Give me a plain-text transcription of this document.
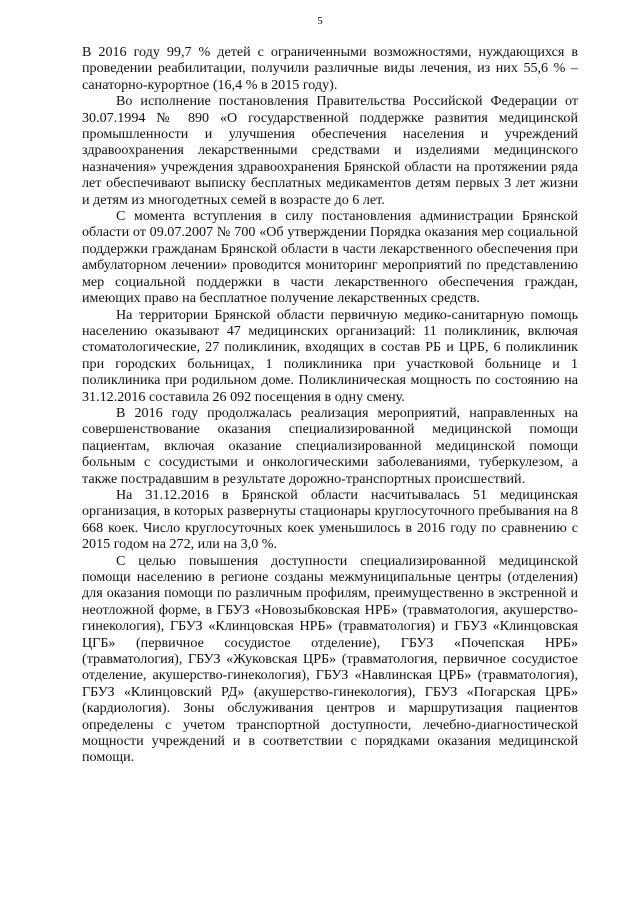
5

В 2016 году 99,7 % детей с ограниченными возможностями, нуждающихся в проведении реабилитации, получили различные виды лечения, из них 55,6 % – санаторно-курортное (16,4 % в 2015 году).

Во исполнение постановления Правительства Российской Федерации от 30.07.1994 № 890 «О государственной поддержке развития медицинской промышленности и улучшения обеспечения населения и учреждений здравоохранения лекарственными средствами и изделиями медицинского назначения» учреждения здравоохранения Брянской области на протяжении ряда лет обеспечивают выписку бесплатных медикаментов детям первых 3 лет жизни и детям из многодетных семей в возрасте до 6 лет.

С момента вступления в силу постановления администрации Брянской области от 09.07.2007 № 700 «Об утверждении Порядка оказания мер социальной поддержки гражданам Брянской области в части лекарственного обеспечения при амбулаторном лечении» проводится мониторинг мероприятий по представлению мер социальной поддержки в части лекарственного обеспечения граждан, имеющих право на бесплатное получение лекарственных средств.

На территории Брянской области первичную медико-санитарную помощь населению оказывают 47 медицинских организаций: 11 поликлиник, включая стоматологические, 27 поликлиник, входящих в состав РБ и ЦРБ, 6 поликлиник при городских больницах, 1 поликлиника при участковой больнице и 1 поликлиника при родильном доме. Поликлиническая мощность по состоянию на 31.12.2016 составила 26 092 посещения в одну смену.

В 2016 году продолжалась реализация мероприятий, направленных на совершенствование оказания специализированной медицинской помощи пациентам, включая оказание специализированной медицинской помощи больным с сосудистыми и онкологическими заболеваниями, туберкулезом, а также пострадавшим в результате дорожно-транспортных происшествий.

На 31.12.2016 в Брянской области насчитывалась 51 медицинская организация, в которых развернуты стационары круглосуточного пребывания на 8 668 коек. Число круглосуточных коек уменьшилось в 2016 году по сравнению с 2015 годом на 272, или на 3,0 %.

С целью повышения доступности специализированной медицинской помощи населению в регионе созданы межмуниципальные центры (отделения) для оказания помощи по различным профилям, преимущественно в экстренной и неотложной форме, в ГБУЗ «Новозыбковская НРБ» (травматология, акушерство-гинекология), ГБУЗ «Клинцовская НРБ» (травматология) и ГБУЗ «Клинцовская ЦГБ» (первичное сосудистое отделение), ГБУЗ «Почепская НРБ» (травматология), ГБУЗ «Жуковская ЦРБ» (травматология, первичное сосудистое отделение, акушерство-гинекология), ГБУЗ «Навлинская ЦРБ» (травматология), ГБУЗ «Клинцовский РД» (акушерство-гинекология), ГБУЗ «Погарская ЦРБ» (кардиология). Зоны обслуживания центров и маршрутизация пациентов определены с учетом транспортной доступности, лечебно-диагностической мощности учреждений и в соответствии с порядками оказания медицинской помощи.
